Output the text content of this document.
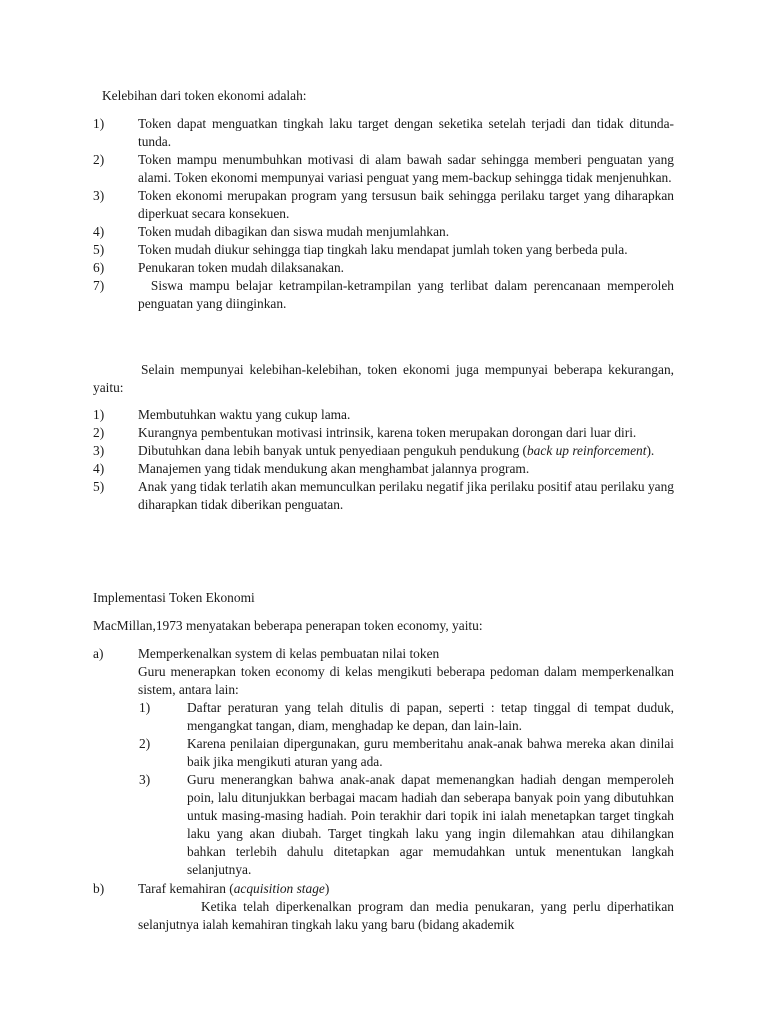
Kelebihan dari token ekonomi adalah:
1)	Token dapat menguatkan tingkah laku target dengan seketika setelah terjadi dan tidak ditunda-tunda.
2)	Token mampu menumbuhkan motivasi di alam bawah sadar sehingga memberi penguatan yang alami. Token ekonomi mempunyai variasi penguat yang mem-backup sehingga tidak menjenuhkan.
3)	Token ekonomi merupakan program yang tersusun baik sehingga perilaku target yang diharapkan diperkuat secara konsekuen.
4)	Token mudah dibagikan dan siswa mudah menjumlahkan.
5)	Token mudah diukur sehingga tiap tingkah laku mendapat jumlah token yang berbeda pula.
6)	Penukaran token mudah dilaksanakan.
7)	Siswa mampu belajar ketrampilan-ketrampilan yang terlibat dalam perencanaan memperoleh penguatan yang diinginkan.
Selain mempunyai kelebihan-kelebihan, token ekonomi juga mempunyai beberapa kekurangan, yaitu:
1)	Membutuhkan waktu yang cukup lama.
2)	Kurangnya pembentukan motivasi intrinsik, karena token merupakan dorongan dari luar diri.
3)	Dibutuhkan dana lebih banyak untuk penyediaan pengukuh pendukung (back up reinforcement).
4)	Manajemen yang tidak mendukung akan menghambat jalannya program.
5)	Anak yang tidak terlatih akan memunculkan perilaku negatif jika perilaku positif atau perilaku yang diharapkan tidak diberikan penguatan.
Implementasi Token Ekonomi
MacMillan,1973 menyatakan beberapa penerapan token economy, yaitu:
a)	Memperkenalkan system di kelas pembuatan nilai token
Guru menerapkan token economy di kelas mengikuti beberapa pedoman dalam memperkenalkan sistem, antara lain:
1)	Daftar peraturan yang telah ditulis di papan, seperti : tetap tinggal di tempat duduk, mengangkat tangan, diam, menghadap ke depan, dan lain-lain.
2)	Karena penilaian dipergunakan, guru memberitahu anak-anak bahwa mereka akan dinilai baik jika mengikuti aturan yang ada.
3)	Guru menerangkan bahwa anak-anak dapat memenangkan hadiah dengan memperoleh poin, lalu ditunjukkan berbagai macam hadiah dan seberapa banyak poin yang dibutuhkan untuk masing-masing hadiah. Poin terakhir dari topik ini ialah menetapkan target tingkah laku yang akan diubah. Target tingkah laku yang ingin dilemahkan atau dihilangkan bahkan terlebih dahulu ditetapkan agar memudahkan untuk menentukan langkah selanjutnya.
b)	Taraf kemahiran (acquisition stage)
Ketika telah diperkenalkan program dan media penukaran, yang perlu diperhatikan selanjutnya ialah kemahiran tingkah laku yang baru (bidang akademik
